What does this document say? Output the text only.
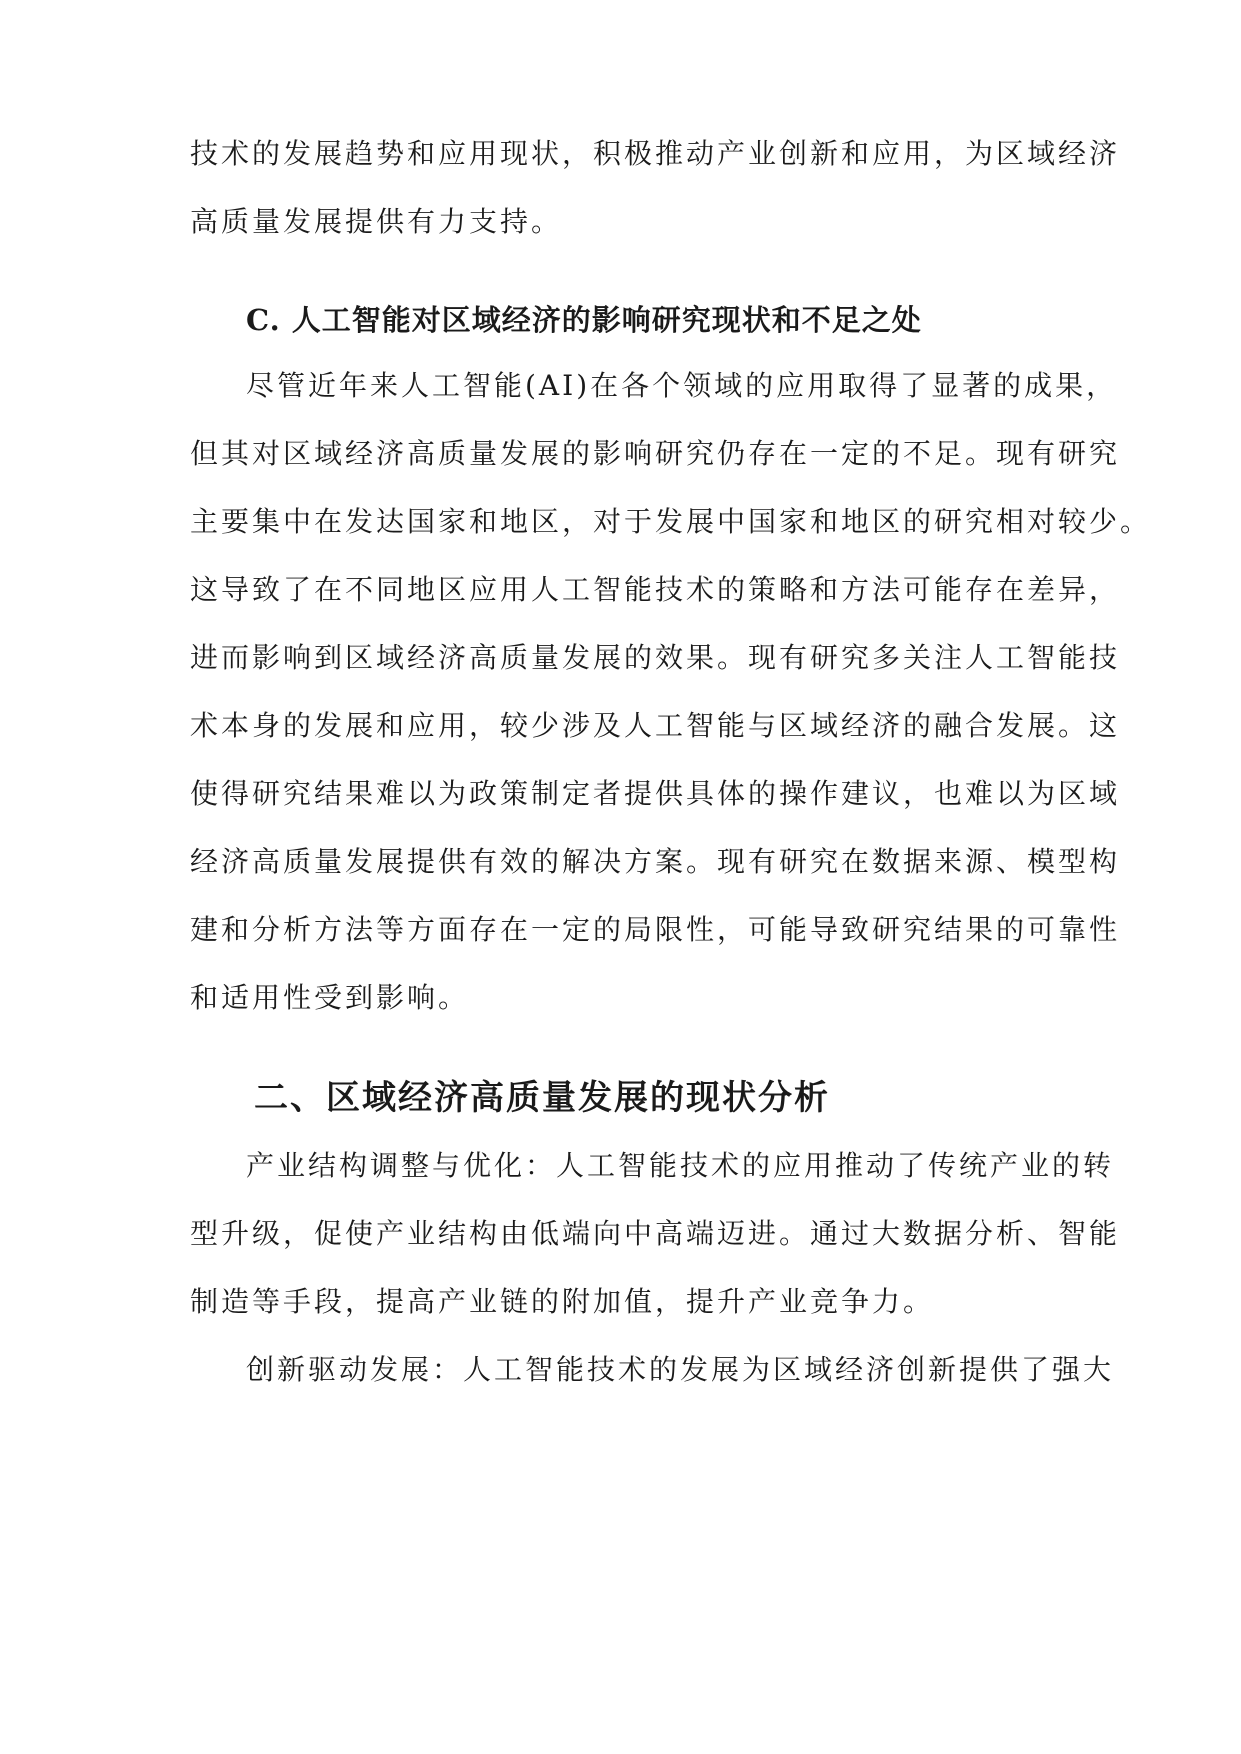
技术的发展趋势和应用现状，积极推动产业创新和应用，为区域经济
高质量发展提供有力支持。
C. 人工智能对区域经济的影响研究现状和不足之处
尽管近年来人工智能(AI)在各个领域的应用取得了显著的成果，
但其对区域经济高质量发展的影响研究仍存在一定的不足。现有研究
主要集中在发达国家和地区，对于发展中国家和地区的研究相对较少。
这导致了在不同地区应用人工智能技术的策略和方法可能存在差异，
进而影响到区域经济高质量发展的效果。现有研究多关注人工智能技
术本身的发展和应用，较少涉及人工智能与区域经济的融合发展。这
使得研究结果难以为政策制定者提供具体的操作建议，也难以为区域
经济高质量发展提供有效的解决方案。现有研究在数据来源、模型构
建和分析方法等方面存在一定的局限性，可能导致研究结果的可靠性
和适用性受到影响。
二、区域经济高质量发展的现状分析
产业结构调整与优化：人工智能技术的应用推动了传统产业的转
型升级，促使产业结构由低端向中高端迈进。通过大数据分析、智能
制造等手段，提高产业链的附加值，提升产业竞争力。
创新驱动发展：人工智能技术的发展为区域经济创新提供了强大
